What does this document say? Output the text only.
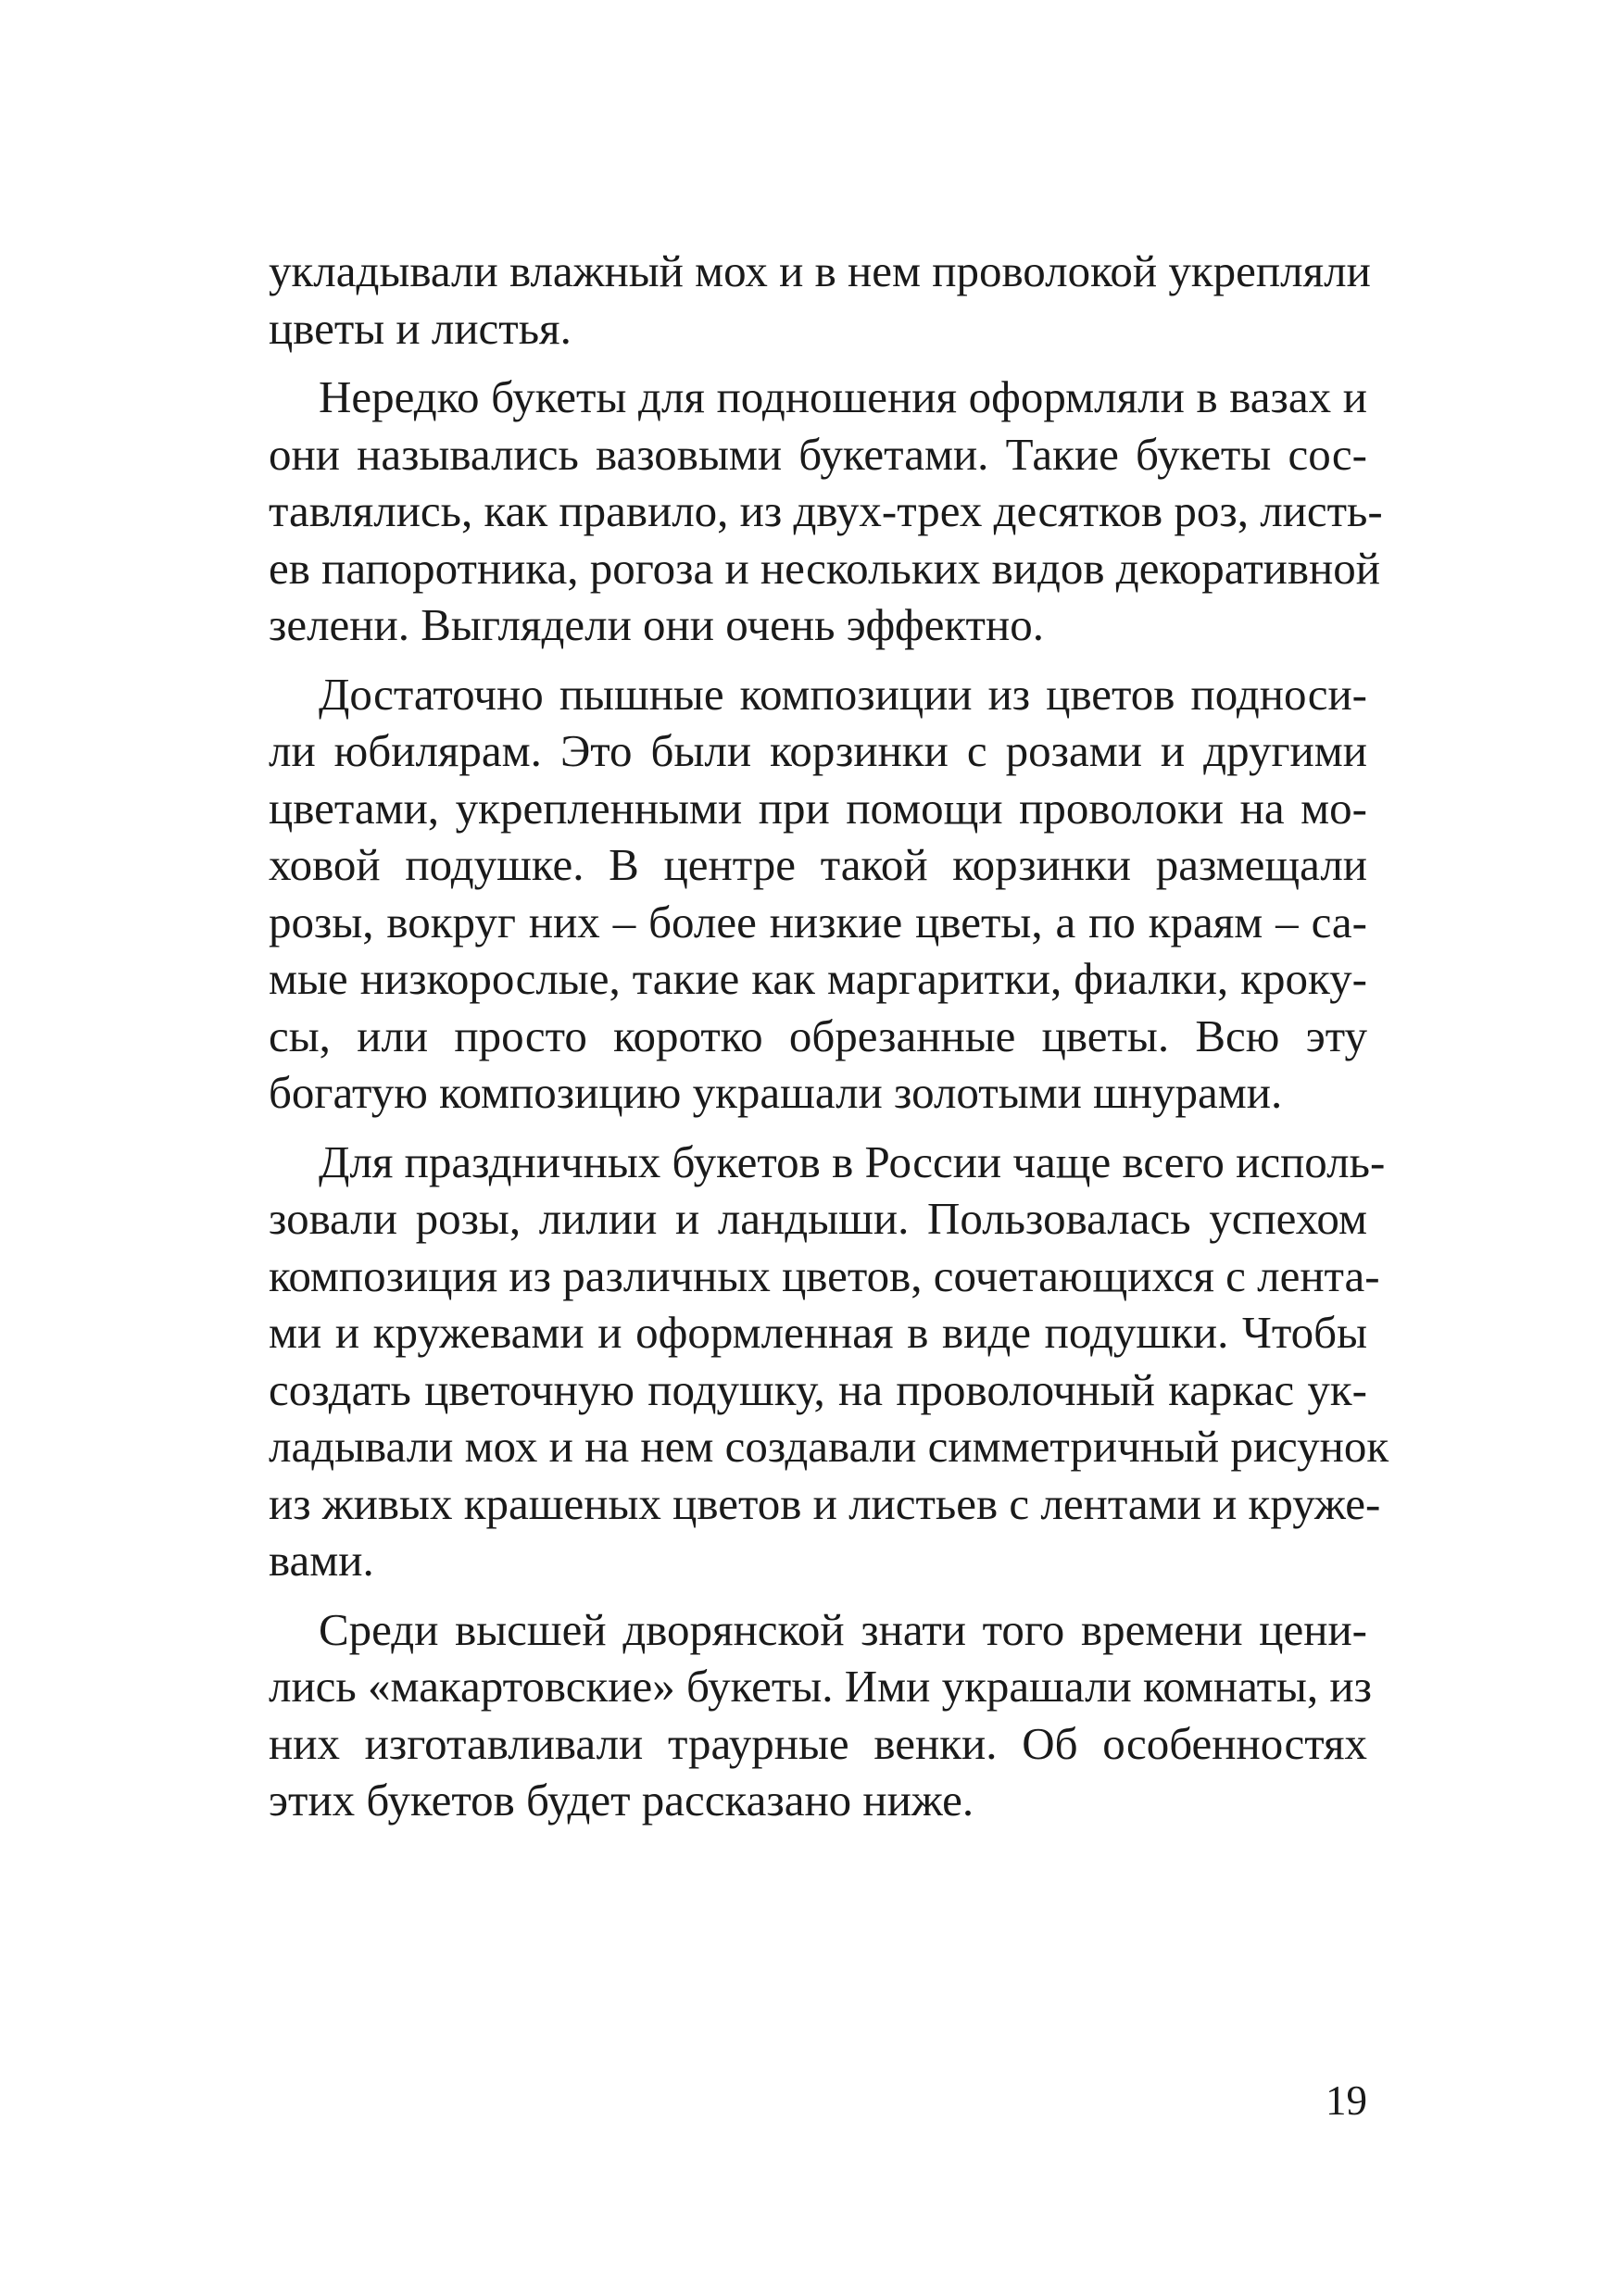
укладывали влажный мох и в нем проволокой укрепляли
цветы и листья.
Нередко букеты для подношения оформляли в вазах и
они назывались вазовыми букетами. Такие букеты сос-
тавлялись, как правило, из двух-трех десятков роз, листь-
ев папоротника, рогоза и нескольких видов декоративной
зелени. Выглядели они очень эффектно.
Достаточно пышные композиции из цветов подноси-
ли юбилярам. Это были корзинки с розами и другими
цветами, укрепленными при помощи проволоки на мо-
ховой подушке. В центре такой корзинки размещали
розы, вокруг них – более низкие цветы, а по краям – са-
мые низкорослые, такие как маргаритки, фиалки, кроку-
сы, или просто коротко обрезанные цветы. Всю эту
богатую композицию украшали золотыми шнурами.
Для праздничных букетов в России чаще всего исполь-
зовали розы, лилии и ландыши. Пользовалась успехом
композиция из различных цветов, сочетающихся с лента-
ми и кружевами и оформленная в виде подушки. Чтобы
создать цветочную подушку, на проволочный каркас ук-
ладывали мох и на нем создавали симметричный рисунок
из живых крашеных цветов и листьев с лентами и круже-
вами.
Среди высшей дворянской знати того времени цени-
лись «макартовские» букеты. Ими украшали комнаты, из
них изготавливали траурные венки. Об особенностях
этих букетов будет рассказано ниже.
19
